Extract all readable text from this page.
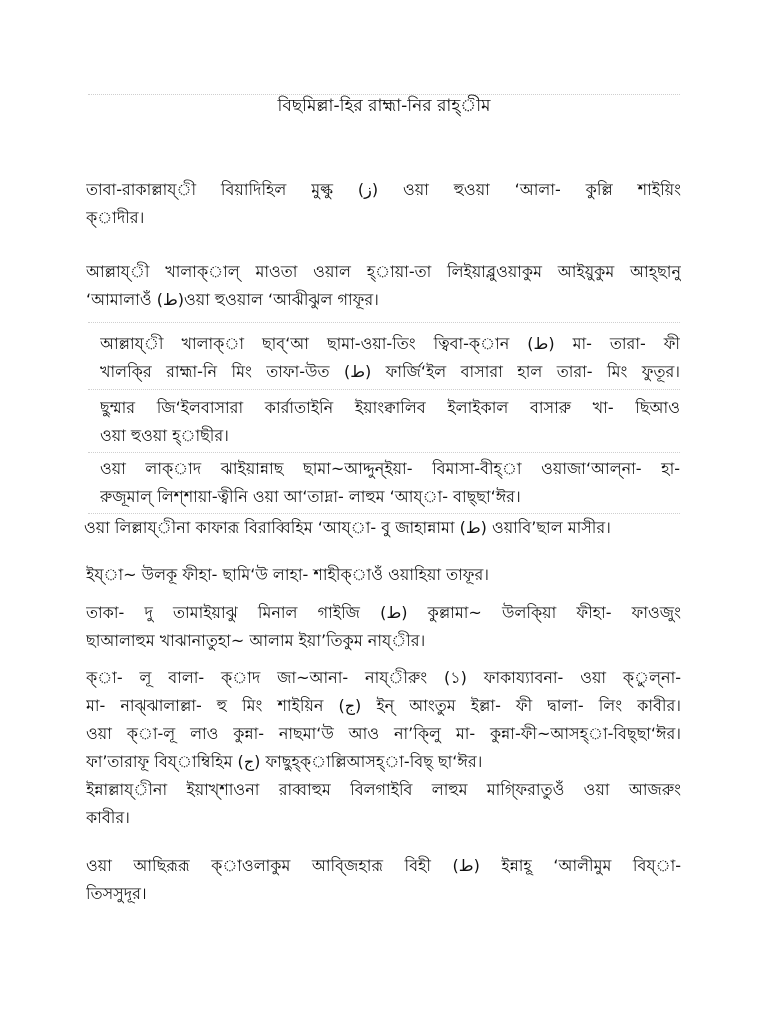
বিছমিল্লা-হির রাহ্মা-নির রাহ্ীম
তাবা-রাকাল্লায্ী বিয়াদিহিল মুল্কু (ز) ওয়া হুওয়া ‘আলা- কুল্লি শাইয়িং
ক্াদীর।
আল্লায্ী খালাক্াল্ মাওতা ওয়াল হ্ায়া-তা লিইয়াব্লুওয়াকুম আইয়ুকুম আহ্ছানু
‘আমালাওঁ (ط)ওয়া হুওয়াল ‘আঝীঝুল গাফূর।
আল্লায্ী খালাক্া ছাব্‘আ ছামা-ওয়া-তিং ত্বিবা-ক্ান (ط) মা- তারা- ফী
খালকি্র রাহ্মা-নি মিং তাফা-উত (ط) ফার্জি‘ইল বাসারা হাল তারা- মিং ফুতূর।
ছুম্মার জি‘ইলবাসারা কার্রাতাইনি ইয়াংক্বালিব ইলাইকাল বাসারু খা- ছিআও
ওয়া হুওয়া হ্াছীর।
ওয়া লাক্াদ ঝাইয়ান্নাছ ছামা~আদ্দুন্ইয়া- বিমাসা-বীহ্া ওয়াজা‘আল্না- হা-
রুজূমাল্ লিশ্শায়া-ত্বীনি ওয়া আ‘তাদ্না- লাহুম ‘আয্া- বাছ্ছা‘ঈর।
ওয়া লিল্লায্ীনা কাফারূ বিরাব্বিহিম ‘আয্া- বু জাহান্নামা (ط) ওয়াবি’ছাল মাসীর।
ইয্া~ উলকূ ফীহা- ছামি‘উ লাহা- শাহীক্াওঁ ওয়াহিয়া তাফূর।
তাকা- দু তামাইয়াঝু মিনাল গাইজি (ط) কুল্লামা~ উলকি্য়া ফীহা- ফাওজুং
ছাআলাহুম খাঝানাতুহা~ আলাম ইয়া’তিকুম নায্ীর।
ক্া- লূ বালা- ক্াদ জা~আনা- নায্ীরুং (১) ফাকায্যাবনা- ওয়া ক্ুল্না-
মা- নাঝ্ঝালাল্লা- হু মিং শাইয়িন (ج) ইন্ আংতুম ইল্লা- ফী দ্বালা- লিং কাবীর।
ওয়া ক্া-লূ লাও কুন্না- নাছমা‘উ আও না’কি্লু মা- কুন্না-ফী~আসহ্া-বিছ্ছা‘ঈর।
ফা’তারাফূ বিয্াম্বিহিম (ج) ফাছুহ্ক্াল্লিআসহ্া-বিছ্ ছা‘ঈর।
ইন্নাল্লায্ীনা ইয়াখ্শাওনা রাব্বাহুম বিলগাইবি লাহুম মাগ্ফিরাতুওঁ ওয়া আজরুং
কাবীর।
ওয়া আছিরূরূ ক্াওলাকুম আবি্জহারূ বিহী (ط) ইন্নাহূ ‘আলীমুম বিয্া-
তিসসুদূর।
